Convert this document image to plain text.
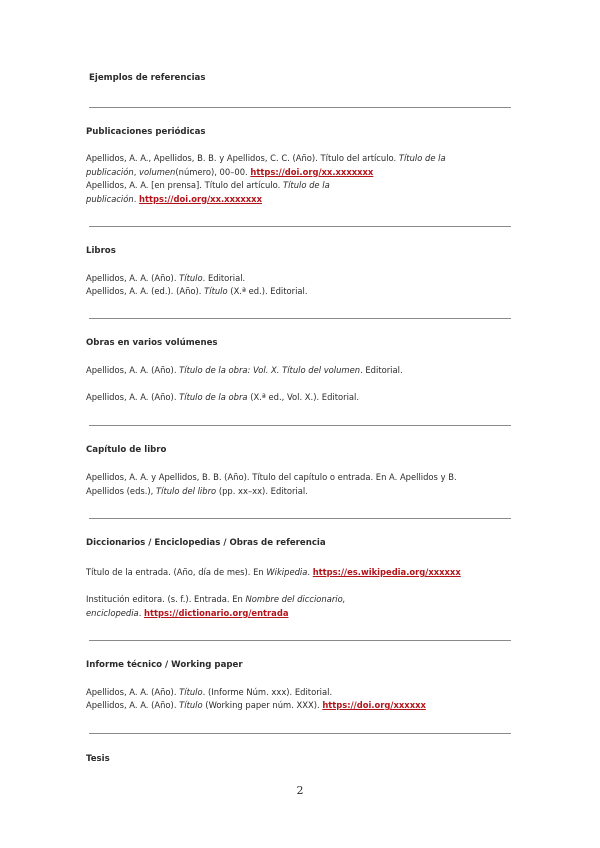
Ejemplos de referencias
Publicaciones periódicas
Apellidos, A. A., Apellidos, B. B. y Apellidos, C. C. (Año). Título del artículo. Título de la publicación, volumen(número), 00–00. https://doi.org/xx.xxxxxxx
Apellidos, A. A. [en prensa]. Título del artículo. Título de la publicación. https://doi.org/xx.xxxxxxx
Libros
Apellidos, A. A. (Año). Título. Editorial.
Apellidos, A. A. (ed.). (Año). Título (X.ª ed.). Editorial.
Obras en varios volúmenes
Apellidos, A. A. (Año). Título de la obra: Vol. X. Título del volumen. Editorial.
Apellidos, A. A. (Año). Título de la obra (X.ª ed., Vol. X.). Editorial.
Capítulo de libro
Apellidos, A. A. y Apellidos, B. B. (Año). Título del capítulo o entrada. En A. Apellidos y B. Apellidos (eds.), Título del libro (pp. xx–xx). Editorial.
Diccionarios / Enciclopedias / Obras de referencia
Título de la entrada. (Año, día de mes). En Wikipedia. https://es.wikipedia.org/xxxxxx
Institución editora. (s. f.). Entrada. En Nombre del diccionario, enciclopedia. https://dictionario.org/entrada
Informe técnico / Working paper
Apellidos, A. A. (Año). Título. (Informe Núm. xxx). Editorial.
Apellidos, A. A. (Año). Título (Working paper núm. XXX). https://doi.org/xxxxxx
Tesis
2
